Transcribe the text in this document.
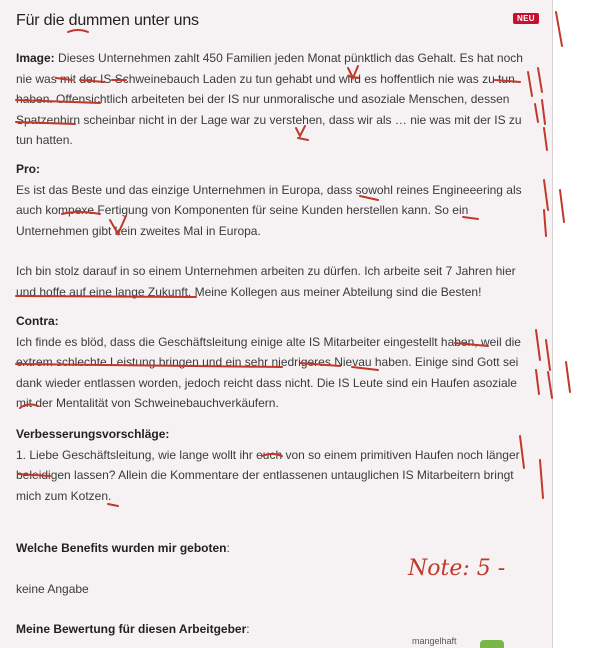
Für die dummen unter uns	NEU

Image: Dieses Unternehmen zahlt 450 Familien jeden Monat pünktlich das Gehalt. Es hat noch nie was mit der IS Schweinebauch Laden zu tun gehabt und wird es hoffentlich nie was zu tun haben. Offensichtlich arbeiteten bei der IS nur unmoralische und asoziale Menschen, dessen Spatzenhirn scheinbar nicht in der Lage war zu verstehen, dass wir als … nie was mit der IS zu tun hatten.

Pro:

Es ist das Beste und das einzige Unternehmen in Europa, dass sowohl reines Engineeering als auch kompexe Fertigung von Komponenten für seine Kunden herstellen kann. So ein Unternehmen gibt kein zweites Mal in Europa.

Ich bin stolz darauf in so einem Unternehmen arbeiten zu dürfen. Ich arbeite seit 7 Jahren hier und hoffe auf eine lange Zukunft. Meine Kollegen aus meiner Abteilung sind die Besten!

Contra:

Ich finde es blöd, dass die Geschäftsleitung einige alte IS Mitarbeiter eingestellt haben, weil die extrem schlechte Leistung bringen und ein sehr niedrigeres Nievau haben. Einige sind Gott sei dank wieder entlassen worden, jedoch reicht dass nicht. Die IS Leute sind ein Haufen asoziale mit der Mentalität von Schweinebauchverkäufern.

Verbesserungsvorschläge:

1. Liebe Geschäftsleitung, wie lange wollt ihr euch von so einem primitiven Haufen noch länger beleidigen lassen? Allein die Kommentare der entlassenen untauglichen IS Mitarbeitern bringt mich zum Kotzen.

Welche Benefits wurden mir geboten:
keine Angabe
Meine Bewertung für diesen Arbeitgeber:
mangelhaft
Note: 5 -
